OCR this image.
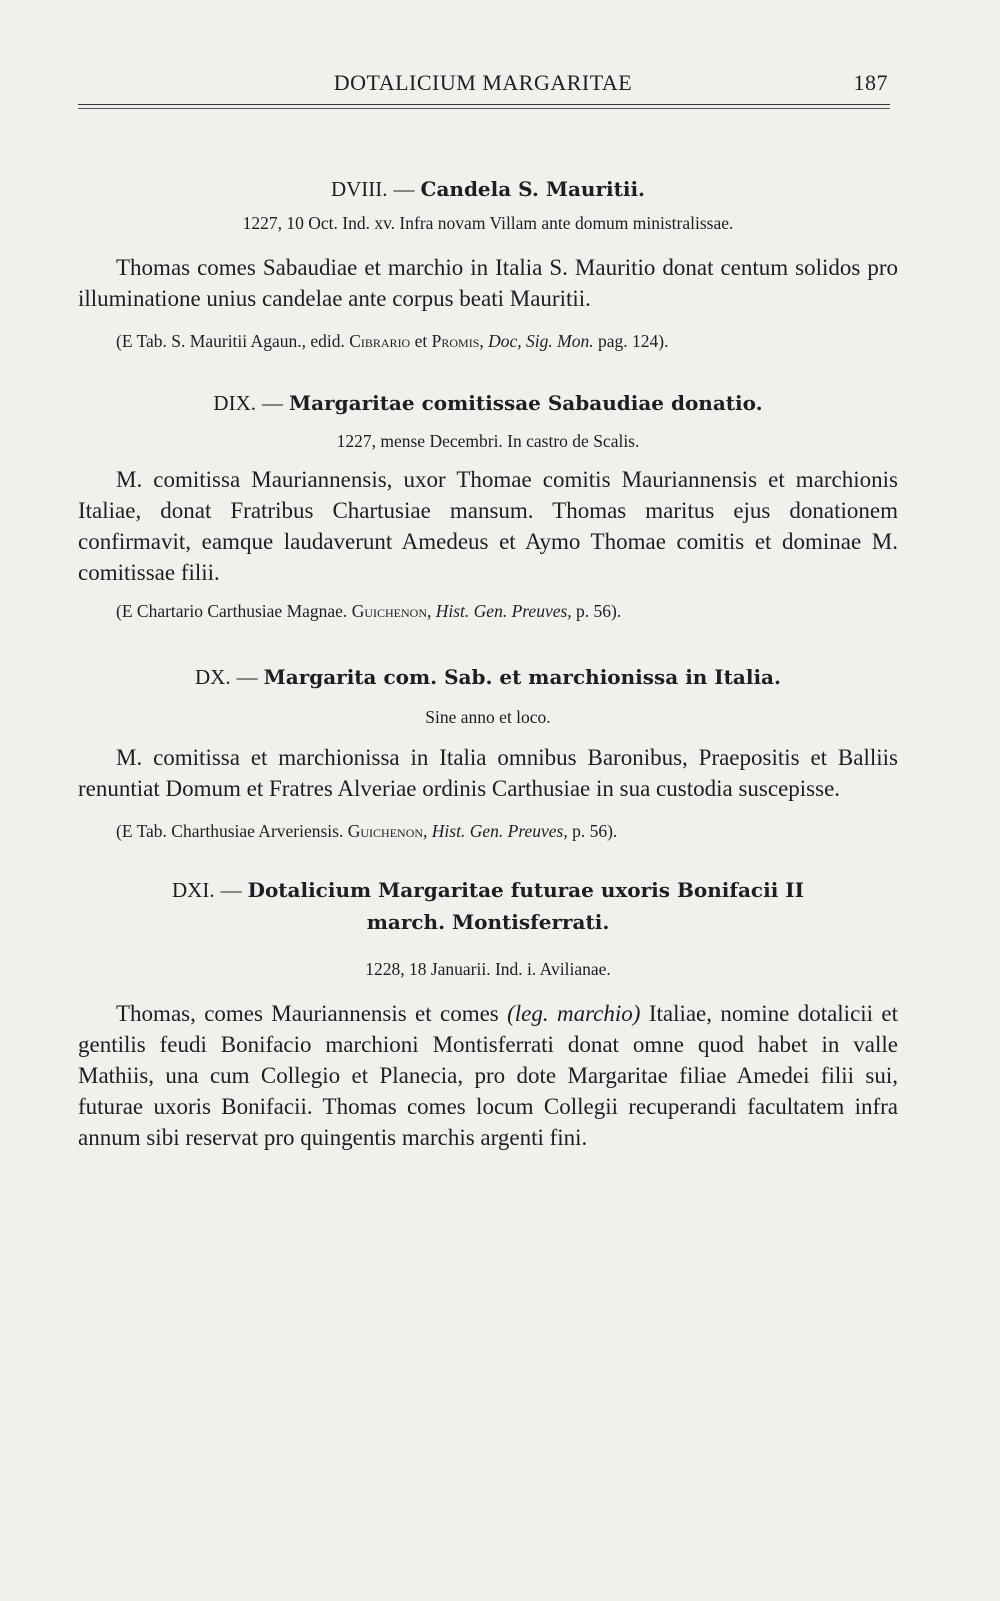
DOTALICIUM MARGARITAE	187

DVIII. — Candela S. Mauritii.

1227, 10 Oct. Ind. xv. Infra novam Villam ante domum ministralissae.

Thomas comes Sabaudiae et marchio in Italia S. Mauritio donat centum solidos pro illuminatione unius candelae ante corpus beati Mauritii.

(E Tab. S. Mauritii Agaun., edid. Cibrario et Promis, Doc, Sig. Mon. pag. 124).

DIX. — Margaritae comitissae Sabaudiae donatio.

1227, mense Decembri. In castro de Scalis.

M. comitissa Mauriannensis, uxor Thomae comitis Mauriannensis et marchionis Italiae, donat Fratribus Chartusiae mansum. Thomas maritus ejus donationem confirmavit, eamque laudaverunt Amedeus et Aymo Thomae comitis et dominae M. comitissae filii.

(E Chartario Carthusiae Magnae. Guichenon, Hist. Gen. Preuves, p. 56).

DX. — Margarita com. Sab. et marchionissa in Italia.

Sine anno et loco.

M. comitissa et marchionissa in Italia omnibus Baronibus, Praepositis et Balliis renuntiat Domum et Fratres Alveriae ordinis Carthusiae in sua custodia suscepisse.

(E Tab. Charthusiae Arveriensis. Guichenon, Hist. Gen. Preuves, p. 56).

DXI. — Dotalicium Margaritae futurae uxoris Bonifacii II
march. Montisferrati.

1228, 18 Januarii. Ind. i. Avilianae.

Thomas, comes Mauriannensis et comes (leg. marchio) Italiae, nomine dotalicii et gentilis feudi Bonifacio marchioni Montisferrati donat omne quod habet in valle Mathiis, una cum Collegio et Planecia, pro dote Margaritae filiae Amedei filii sui, futurae uxoris Bonifacii. Thomas comes locum Collegii recuperandi facultatem infra annum sibi reservat pro quingentis marchis argenti fini.
